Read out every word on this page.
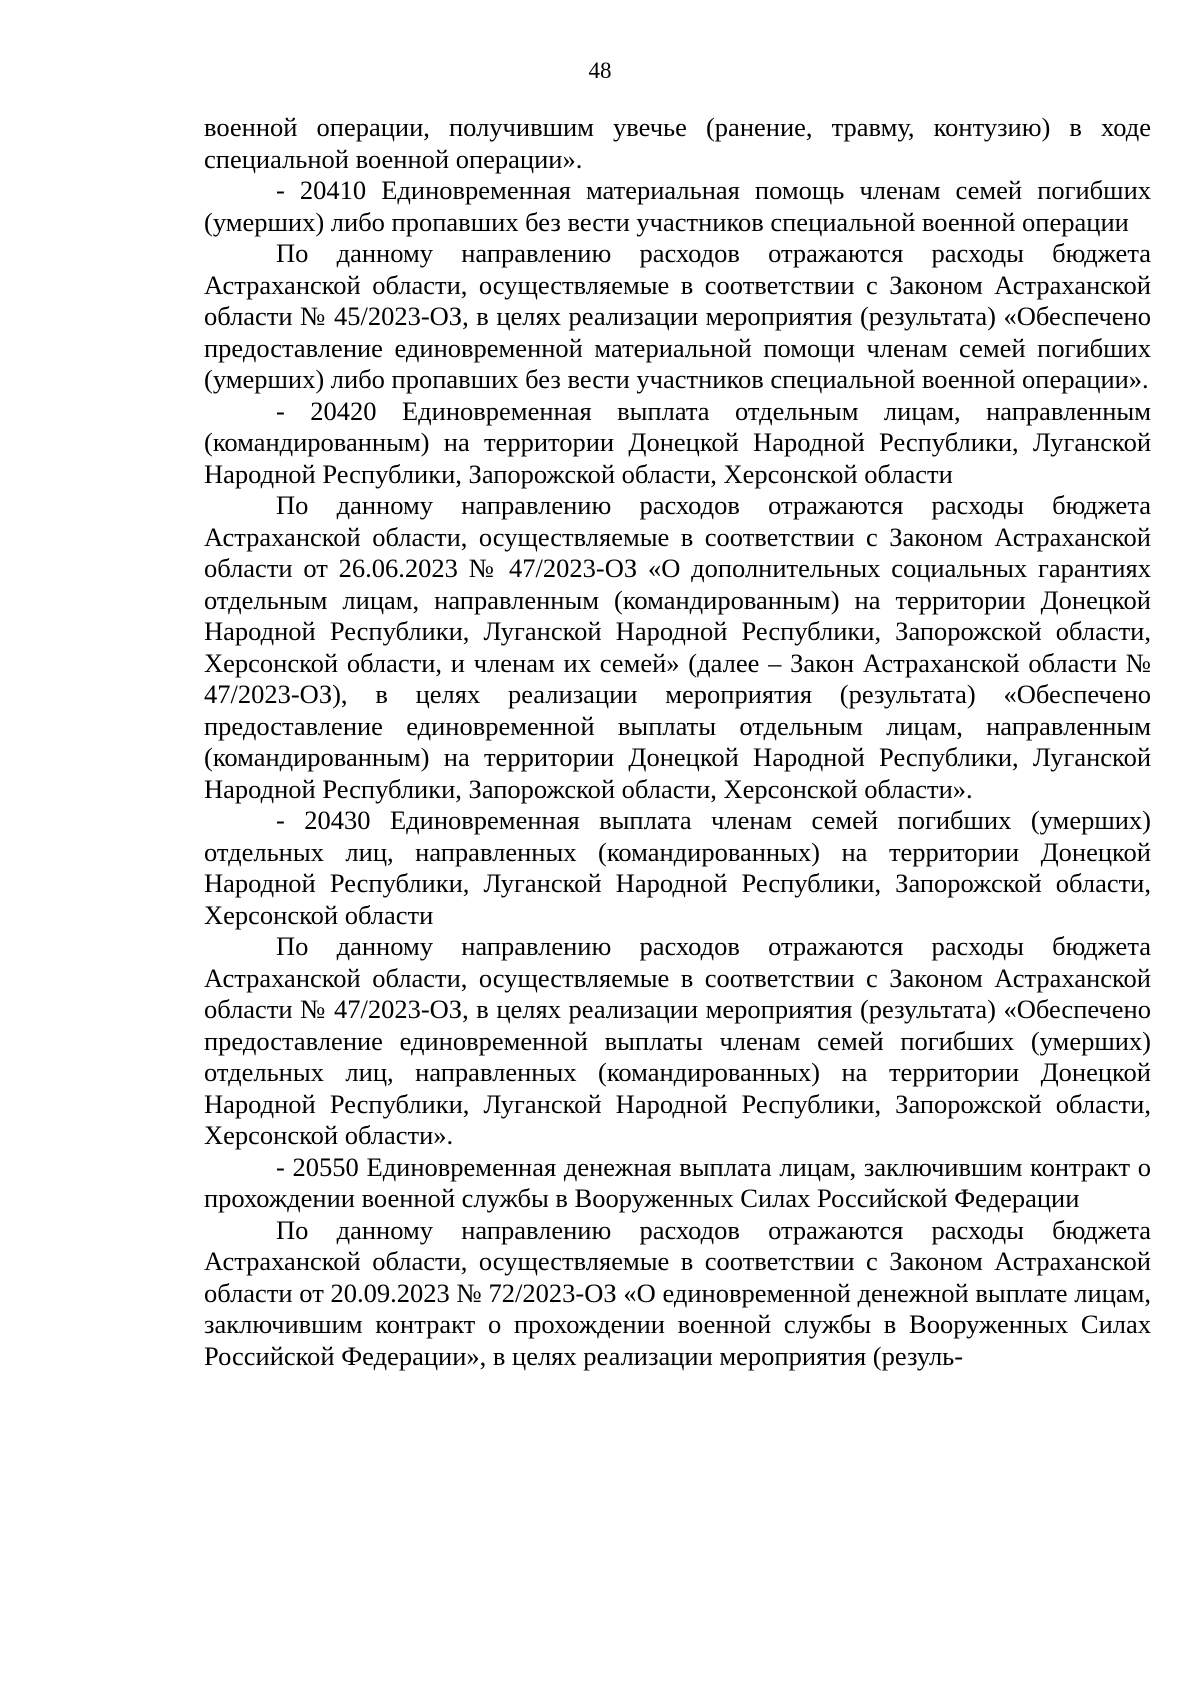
48

военной операции, получившим увечье (ранение, травму, контузию) в ходе специальной военной операции».

- 20410 Единовременная материальная помощь членам семей погибших (умерших) либо пропавших без вести участников специальной военной операции

По данному направлению расходов отражаются расходы бюджета Астраханской области, осуществляемые в соответствии с Законом Астраханской области № 45/2023-ОЗ, в целях реализации мероприятия (результата) «Обеспечено предоставление единовременной материальной помощи членам семей погибших (умерших) либо пропавших без вести участников специальной военной операции».

- 20420 Единовременная выплата отдельным лицам, направленным (командированным) на территории Донецкой Народной Республики, Луганской Народной Республики, Запорожской области, Херсонской области

По данному направлению расходов отражаются расходы бюджета Астраханской области, осуществляемые в соответствии с Законом Астраханской области от 26.06.2023 № 47/2023-ОЗ «О дополнительных социальных гарантиях отдельным лицам, направленным (командированным) на территории Донецкой Народной Республики, Луганской Народной Республики, Запорожской области, Херсонской области, и членам их семей» (далее – Закон Астраханской области № 47/2023-ОЗ), в целях реализации мероприятия (результата) «Обеспечено предоставление единовременной выплаты отдельным лицам, направленным (командированным) на территории Донецкой Народной Республики, Луганской Народной Республики, Запорожской области, Херсонской области».

- 20430 Единовременная выплата членам семей погибших (умерших) отдельных лиц, направленных (командированных) на территории Донецкой Народной Республики, Луганской Народной Республики, Запорожской области, Херсонской области

По данному направлению расходов отражаются расходы бюджета Астраханской области, осуществляемые в соответствии с Законом Астраханской области № 47/2023-ОЗ, в целях реализации мероприятия (результата) «Обеспечено предоставление единовременной выплаты членам семей погибших (умерших) отдельных лиц, направленных (командированных) на территории Донецкой Народной Республики, Луганской Народной Республики, Запорожской области, Херсонской области».

- 20550 Единовременная денежная выплата лицам, заключившим контракт о прохождении военной службы в Вооруженных Силах Российской Федерации

По данному направлению расходов отражаются расходы бюджета Астраханской области, осуществляемые в соответствии с Законом Астраханской области от 20.09.2023 № 72/2023-ОЗ «О единовременной денежной выплате лицам, заключившим контракт о прохождении военной службы в Вооруженных Силах Российской Федерации», в целях реализации мероприятия (резуль-
